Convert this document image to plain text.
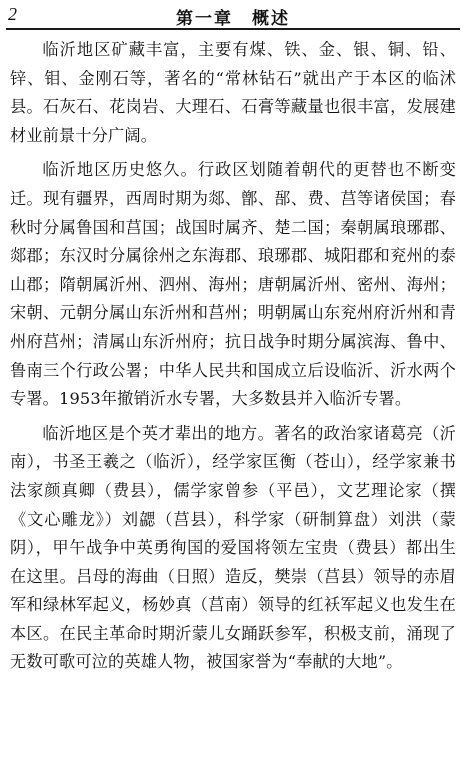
2	第一章　概述

临沂地区矿藏丰富，主要有煤、铁、金、银、铜、铅、锌、钼、金刚石等，著名的“常林钻石”就出产于本区的临沭县。石灰石、花岗岩、大理石、石膏等藏量也很丰富，发展建材业前景十分广阔。

临沂地区历史悠久。行政区划随着朝代的更替也不断变迁。现有疆界，西周时期为郯、鄫、郚、费、莒等诸侯国；春秋时分属鲁国和莒国；战国时属齐、楚二国；秦朝属琅琊郡、郯郡；东汉时分属徐州之东海郡、琅琊郡、城阳郡和兖州的泰山郡；隋朝属沂州、泗州、海州；唐朝属沂州、密州、海州；宋朝、元朝分属山东沂州和莒州；明朝属山东兖州府沂州和青州府莒州；清属山东沂州府；抗日战争时期分属滨海、鲁中、鲁南三个行政公署；中华人民共和国成立后设临沂、沂水两个专署。1953年撤销沂水专署，大多数县并入临沂专署。

临沂地区是个英才辈出的地方。著名的政治家诸葛亮（沂南），书圣王羲之（临沂），经学家匡衡（苍山），经学家兼书法家颜真卿（费县），儒学家曾参（平邑），文艺理论家（撰《文心雕龙》）刘勰（莒县），科学家（研制算盘）刘洪（蒙阴），甲午战争中英勇徇国的爱国将领左宝贵（费县）都出生在这里。吕母的海曲（日照）造反，樊崇（莒县）领导的赤眉军和绿林军起义，杨妙真（莒南）领导的红袄军起义也发生在本区。在民主革命时期沂蒙儿女踊跃参军，积极支前，涌现了无数可歌可泣的英雄人物，被国家誉为“奉献的大地”。
